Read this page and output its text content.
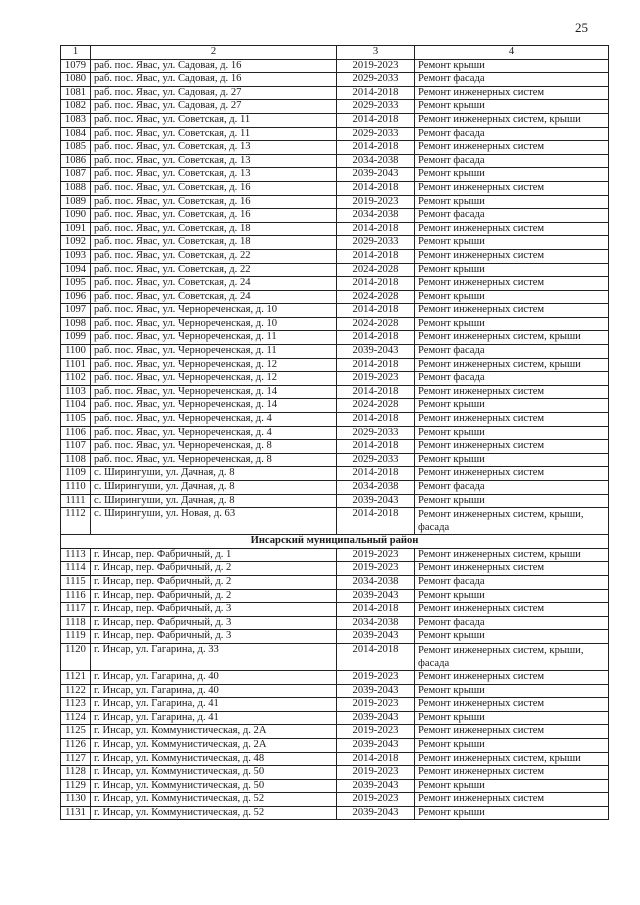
25
1	2	3	4
1079	раб. пос. Явас, ул. Садовая, д. 16	2019-2023	Ремонт крыши
1080	раб. пос. Явас, ул. Садовая, д. 16	2029-2033	Ремонт фасада
1081	раб. пос. Явас, ул. Садовая, д. 27	2014-2018	Ремонт инженерных систем
1082	раб. пос. Явас, ул. Садовая, д. 27	2029-2033	Ремонт крыши
1083	раб. пос. Явас, ул. Советская, д. 11	2014-2018	Ремонт инженерных систем, крыши
1084	раб. пос. Явас, ул. Советская, д. 11	2029-2033	Ремонт фасада
1085	раб. пос. Явас, ул. Советская, д. 13	2014-2018	Ремонт инженерных систем
1086	раб. пос. Явас, ул. Советская, д. 13	2034-2038	Ремонт фасада
1087	раб. пос. Явас, ул. Советская, д. 13	2039-2043	Ремонт крыши
1088	раб. пос. Явас, ул. Советская, д. 16	2014-2018	Ремонт инженерных систем
1089	раб. пос. Явас, ул. Советская, д. 16	2019-2023	Ремонт крыши
1090	раб. пос. Явас, ул. Советская, д. 16	2034-2038	Ремонт фасада
1091	раб. пос. Явас, ул. Советская, д. 18	2014-2018	Ремонт инженерных систем
1092	раб. пос. Явас, ул. Советская, д. 18	2029-2033	Ремонт крыши
1093	раб. пос. Явас, ул. Советская, д. 22	2014-2018	Ремонт инженерных систем
1094	раб. пос. Явас, ул. Советская, д. 22	2024-2028	Ремонт крыши
1095	раб. пос. Явас, ул. Советская, д. 24	2014-2018	Ремонт инженерных систем
1096	раб. пос. Явас, ул. Советская, д. 24	2024-2028	Ремонт крыши
1097	раб. пос. Явас, ул. Чернореченская, д. 10	2014-2018	Ремонт инженерных систем
1098	раб. пос. Явас, ул. Чернореченская, д. 10	2024-2028	Ремонт крыши
1099	раб. пос. Явас, ул. Чернореченская, д. 11	2014-2018	Ремонт инженерных систем, крыши
1100	раб. пос. Явас, ул. Чернореченская, д. 11	2039-2043	Ремонт фасада
1101	раб. пос. Явас, ул. Чернореченская, д. 12	2014-2018	Ремонт инженерных систем, крыши
1102	раб. пос. Явас, ул. Чернореченская, д. 12	2019-2023	Ремонт фасада
1103	раб. пос. Явас, ул. Чернореченская, д. 14	2014-2018	Ремонт инженерных систем
1104	раб. пос. Явас, ул. Чернореченская, д. 14	2024-2028	Ремонт крыши
1105	раб. пос. Явас, ул. Чернореченская, д. 4	2014-2018	Ремонт инженерных систем
1106	раб. пос. Явас, ул. Чернореченская, д. 4	2029-2033	Ремонт крыши
1107	раб. пос. Явас, ул. Чернореченская, д. 8	2014-2018	Ремонт инженерных систем
1108	раб. пос. Явас, ул. Чернореченская, д. 8	2029-2033	Ремонт крыши
1109	с. Ширингуши, ул. Дачная, д. 8	2014-2018	Ремонт инженерных систем
1110	с. Ширингуши, ул. Дачная, д. 8	2034-2038	Ремонт фасада
1111	с. Ширингуши, ул. Дачная, д. 8	2039-2043	Ремонт крыши
1112	с. Ширингуши, ул. Новая, д. 63	2014-2018	Ремонт инженерных систем, крыши, фасада
Инсарский муниципальный район			
1113	г. Инсар, пер. Фабричный, д. 1	2019-2023	Ремонт инженерных систем, крыши
1114	г. Инсар, пер. Фабричный, д. 2	2019-2023	Ремонт инженерных систем
1115	г. Инсар, пер. Фабричный, д. 2	2034-2038	Ремонт фасада
1116	г. Инсар, пер. Фабричный, д. 2	2039-2043	Ремонт крыши
1117	г. Инсар, пер. Фабричный, д. 3	2014-2018	Ремонт инженерных систем
1118	г. Инсар, пер. Фабричный, д. 3	2034-2038	Ремонт фасада
1119	г. Инсар, пер. Фабричный, д. 3	2039-2043	Ремонт крыши
1120	г. Инсар, ул. Гагарина, д. 33	2014-2018	Ремонт инженерных систем, крыши, фасада
1121	г. Инсар, ул. Гагарина, д. 40	2019-2023	Ремонт инженерных систем
1122	г. Инсар, ул. Гагарина, д. 40	2039-2043	Ремонт крыши
1123	г. Инсар, ул. Гагарина, д. 41	2019-2023	Ремонт инженерных систем
1124	г. Инсар, ул. Гагарина, д. 41	2039-2043	Ремонт крыши
1125	г. Инсар, ул. Коммунистическая, д. 2А	2019-2023	Ремонт инженерных систем
1126	г. Инсар, ул. Коммунистическая, д. 2А	2039-2043	Ремонт крыши
1127	г. Инсар, ул. Коммунистическая, д. 48	2014-2018	Ремонт инженерных систем, крыши
1128	г. Инсар, ул. Коммунистическая, д. 50	2019-2023	Ремонт инженерных систем
1129	г. Инсар, ул. Коммунистическая, д. 50	2039-2043	Ремонт крыши
1130	г. Инсар, ул. Коммунистическая, д. 52	2019-2023	Ремонт инженерных систем
1131	г. Инсар, ул. Коммунистическая, д. 52	2039-2043	Ремонт крыши
